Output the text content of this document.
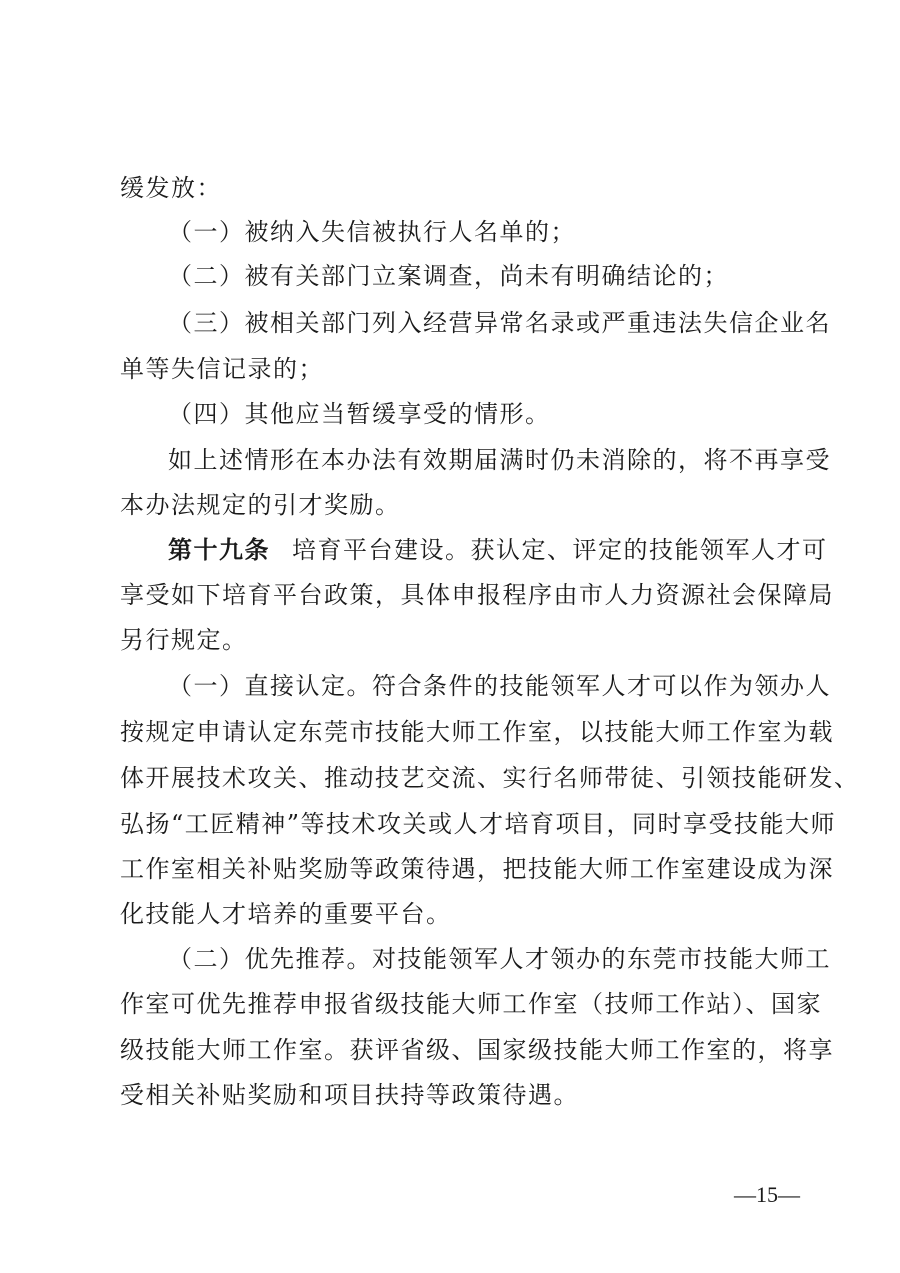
缓发放：
（一）被纳入失信被执行人名单的；
（二）被有关部门立案调查，尚未有明确结论的；
（三）被相关部门列入经营异常名录或严重违法失信企业名
单等失信记录的；
（四）其他应当暂缓享受的情形。
如上述情形在本办法有效期届满时仍未消除的，将不再享受
本办法规定的引才奖励。
第十九条 培育平台建设。获认定、评定的技能领军人才可
享受如下培育平台政策，具体申报程序由市人力资源社会保障局
另行规定。
（一）直接认定。符合条件的技能领军人才可以作为领办人
按规定申请认定东莞市技能大师工作室，以技能大师工作室为载
体开展技术攻关、推动技艺交流、实行名师带徒、引领技能研发、
弘扬“工匠精神”等技术攻关或人才培育项目，同时享受技能大师
工作室相关补贴奖励等政策待遇，把技能大师工作室建设成为深
化技能人才培养的重要平台。
（二）优先推荐。对技能领军人才领办的东莞市技能大师工
作室可优先推荐申报省级技能大师工作室（技师工作站）、国家
级技能大师工作室。获评省级、国家级技能大师工作室的，将享
受相关补贴奖励和项目扶持等政策待遇。
—15—
